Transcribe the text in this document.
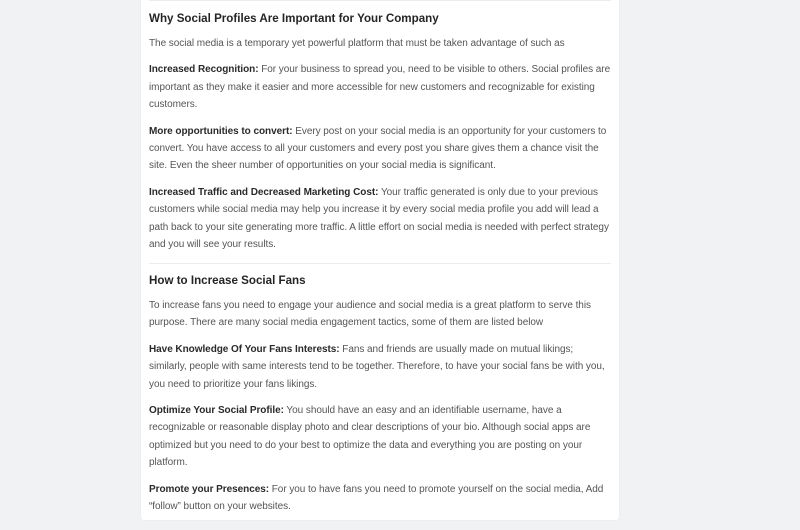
Why Social Profiles Are Important for Your Company

The social media is a temporary yet powerful platform that must be taken advantage of such as

Increased Recognition: For your business to spread you, need to be visible to others. Social profiles are important as they make it easier and more accessible for new customers and recognizable for existing customers.

More opportunities to convert: Every post on your social media is an opportunity for your customers to convert. You have access to all your customers and every post you share gives them a chance visit the site. Even the sheer number of opportunities on your social media is significant.

Increased Traffic and Decreased Marketing Cost: Your traffic generated is only due to your previous customers while social media may help you increase it by every social media profile you add will lead a path back to your site generating more traffic. A little effort on social media is needed with perfect strategy and you will see your results.

How to Increase Social Fans

To increase fans you need to engage your audience and social media is a great platform to serve this purpose. There are many social media engagement tactics, some of them are listed below

Have Knowledge Of Your Fans Interests: Fans and friends are usually made on mutual likings; similarly, people with same interests tend to be together. Therefore, to have your social fans be with you, you need to prioritize your fans likings.

Optimize Your Social Profile: You should have an easy and an identifiable username, have a recognizable or reasonable display photo and clear descriptions of your bio. Although social apps are optimized but you need to do your best to optimize the data and everything you are posting on your platform.

Promote your Presences: For you to have fans you need to promote yourself on the social media, Add “follow” button on your websites.
